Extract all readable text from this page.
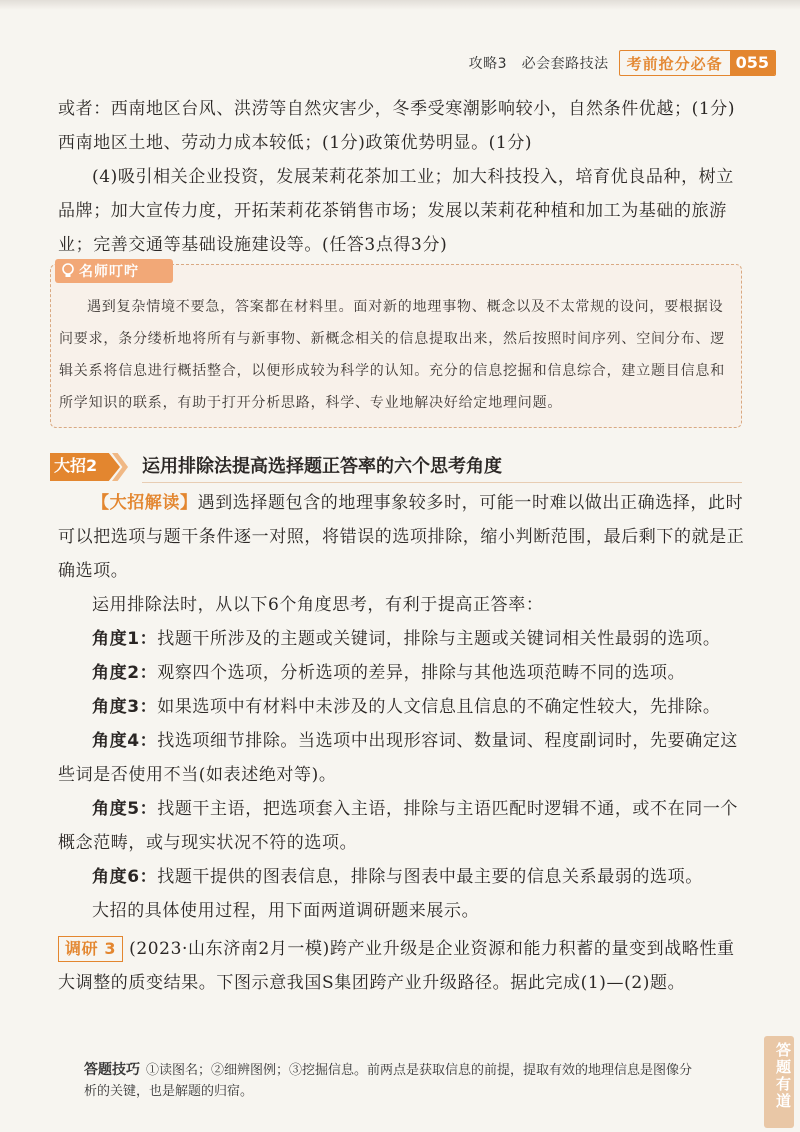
攻略3　必会套路技法	考前抢分必备 055

或者：西南地区台风、洪涝等自然灾害少，冬季受寒潮影响较小，自然条件优越；(1分)西南地区土地、劳动力成本较低；(1分)政策优势明显。(1分)

(4)吸引相关企业投资，发展茉莉花茶加工业；加大科技投入，培育优良品种，树立品牌；加大宣传力度，开拓茉莉花茶销售市场；发展以茉莉花种植和加工为基础的旅游业；完善交通等基础设施建设等。(任答3点得3分)

名师叮咛

遇到复杂情境不要急，答案都在材料里。面对新的地理事物、概念以及不太常规的设问，要根据设问要求，条分缕析地将所有与新事物、新概念相关的信息提取出来，然后按照时间序列、空间分布、逻辑关系将信息进行概括整合，以便形成较为科学的认知。充分的信息挖掘和信息综合，建立题目信息和所学知识的联系，有助于打开分析思路，科学、专业地解决好给定地理问题。

大招2 运用排除法提高选择题正答率的六个思考角度

【大招解读】遇到选择题包含的地理事象较多时，可能一时难以做出正确选择，此时可以把选项与题干条件逐一对照，将错误的选项排除，缩小判断范围，最后剩下的就是正确选项。

运用排除法时，从以下6个角度思考，有利于提高正答率：

角度1：找题干所涉及的主题或关键词，排除与主题或关键词相关性最弱的选项。

角度2：观察四个选项，分析选项的差异，排除与其他选项范畴不同的选项。

角度3：如果选项中有材料中未涉及的人文信息且信息的不确定性较大，先排除。

角度4：找选项细节排除。当选项中出现形容词、数量词、程度副词时，先要确定这些词是否使用不当(如表述绝对等)。

角度5：找题干主语，把选项套入主语，排除与主语匹配时逻辑不通，或不在同一个概念范畴，或与现实状况不符的选项。

角度6：找题干提供的图表信息，排除与图表中最主要的信息关系最弱的选项。

大招的具体使用过程，用下面两道调研题来展示。

调研 3 (2023·山东济南2月一模)跨产业升级是企业资源和能力积蓄的量变到战略性重大调整的质变结果。下图示意我国S集团跨产业升级路径。据此完成(1)—(2)题。

答题技巧 ①读图名；②细辨图例；③挖掘信息。前两点是获取信息的前提，提取有效的地理信息是图像分析的关键，也是解题的归宿。	答题有道
